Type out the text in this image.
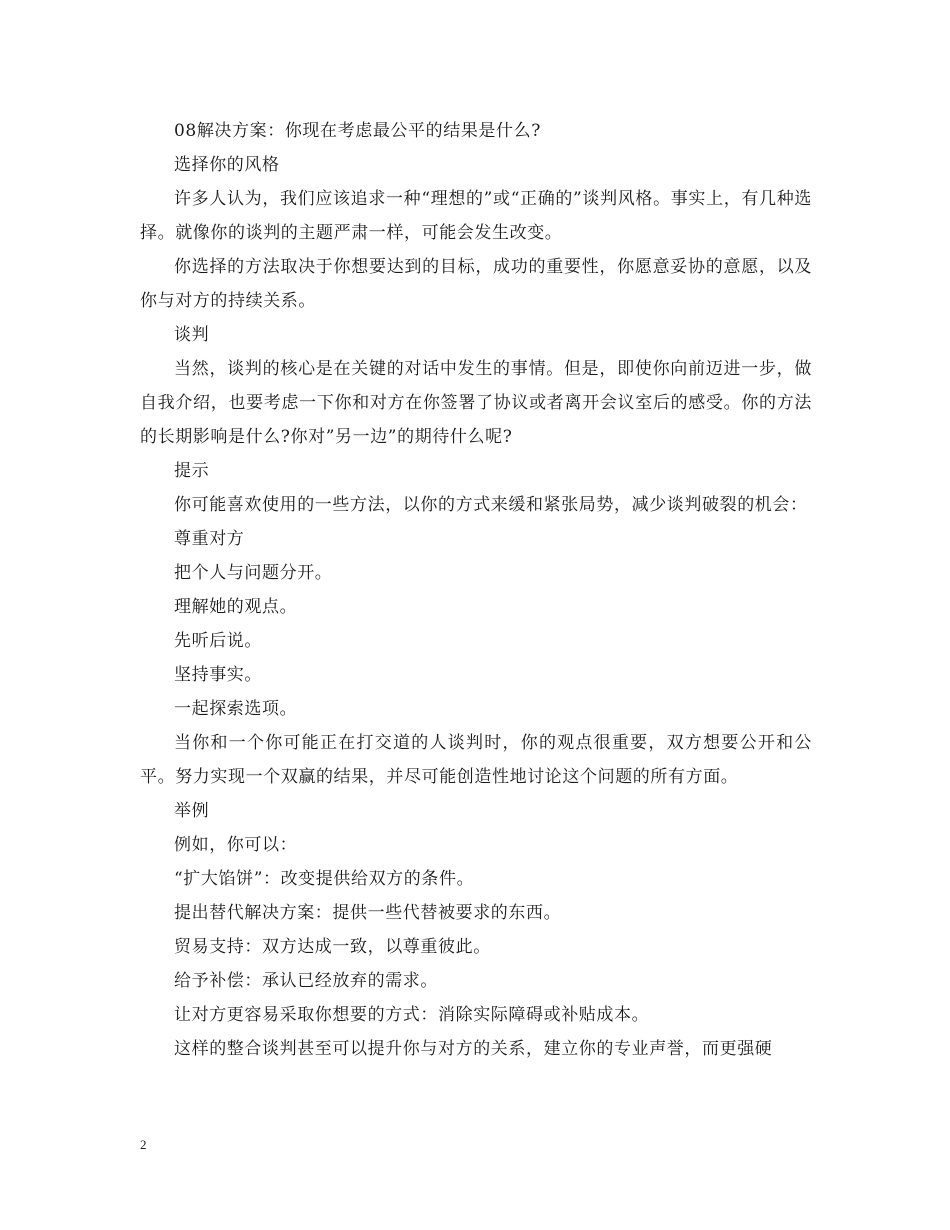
08解决方案：你现在考虑最公平的结果是什么?

选择你的风格

许多人认为，我们应该追求一种“理想的”或“正确的”谈判风格。事实上，有几种选择。就像你的谈判的主题严肃一样，可能会发生改变。

你选择的方法取决于你想要达到的目标，成功的重要性，你愿意妥协的意愿，以及你与对方的持续关系。

谈判

当然，谈判的核心是在关键的对话中发生的事情。但是，即使你向前迈进一步，做自我介绍，也要考虑一下你和对方在你签署了协议或者离开会议室后的感受。你的方法的长期影响是什么?你对”另一边”的期待什么呢?

提示

你可能喜欢使用的一些方法，以你的方式来缓和紧张局势，减少谈判破裂的机会：

尊重对方

把个人与问题分开。

理解她的观点。

先听后说。

坚持事实。

一起探索选项。

当你和一个你可能正在打交道的人谈判时，你的观点很重要，双方想要公开和公平。努力实现一个双赢的结果，并尽可能创造性地讨论这个问题的所有方面。

举例

例如，你可以：

“扩大馅饼”：改变提供给双方的条件。

提出替代解决方案：提供一些代替被要求的东西。

贸易支持：双方达成一致，以尊重彼此。

给予补偿：承认已经放弃的需求。

让对方更容易采取你想要的方式：消除实际障碍或补贴成本。

这样的整合谈判甚至可以提升你与对方的关系，建立你的专业声誉，而更强硬

2
